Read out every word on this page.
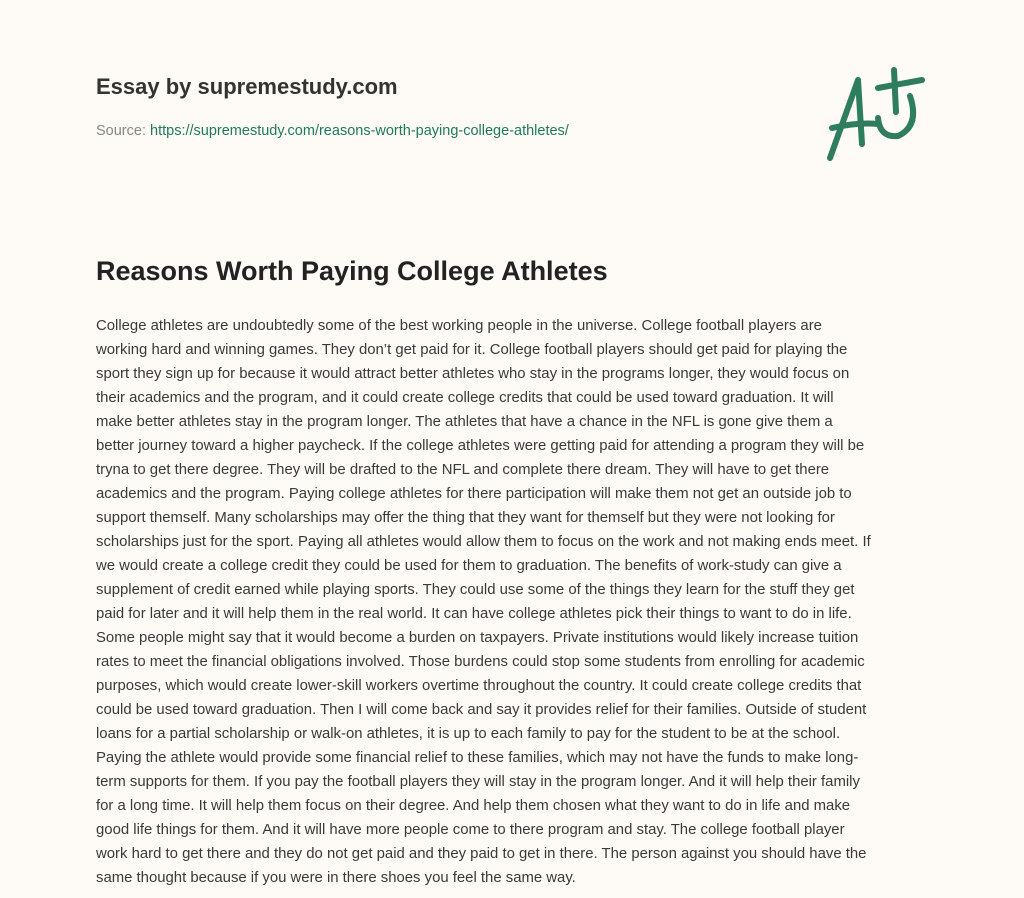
Essay by supremestudy.com
Source: https://supremestudy.com/reasons-worth-paying-college-athletes/
Reasons Worth Paying College Athletes
College athletes are undoubtedly some of the best working people in the universe. College football players are
working hard and winning games. They don’t get paid for it. College football players should get paid for playing the
sport they sign up for because it would attract better athletes who stay in the programs longer, they would focus on
their academics and the program, and it could create college credits that could be used toward graduation. It will
make better athletes stay in the program longer. The athletes that have a chance in the NFL is gone give them a
better journey toward a higher paycheck. If the college athletes were getting paid for attending a program they will be
tryna to get there degree. They will be drafted to the NFL and complete there dream. They will have to get there
academics and the program. Paying college athletes for there participation will make them not get an outside job to
support themself. Many scholarships may offer the thing that they want for themself but they were not looking for
scholarships just for the sport. Paying all athletes would allow them to focus on the work and not making ends meet. If
we would create a college credit they could be used for them to graduation. The benefits of work-study can give a
supplement of credit earned while playing sports. They could use some of the things they learn for the stuff they get
paid for later and it will help them in the real world. It can have college athletes pick their things to want to do in life.
Some people might say that it would become a burden on taxpayers. Private institutions would likely increase tuition
rates to meet the financial obligations involved. Those burdens could stop some students from enrolling for academic
purposes, which would create lower-skill workers overtime throughout the country. It could create college credits that
could be used toward graduation. Then I will come back and say it provides relief for their families. Outside of student
loans for a partial scholarship or walk-on athletes, it is up to each family to pay for the student to be at the school.
Paying the athlete would provide some financial relief to these families, which may not have the funds to make long-
term supports for them. If you pay the football players they will stay in the program longer. And it will help their family
for a long time. It will help them focus on their degree. And help them chosen what they want to do in life and make
good life things for them. And it will have more people come to there program and stay. The college football player
work hard to get there and they do not get paid and they paid to get in there. The person against you should have the
same thought because if you were in there shoes you feel the same way.
